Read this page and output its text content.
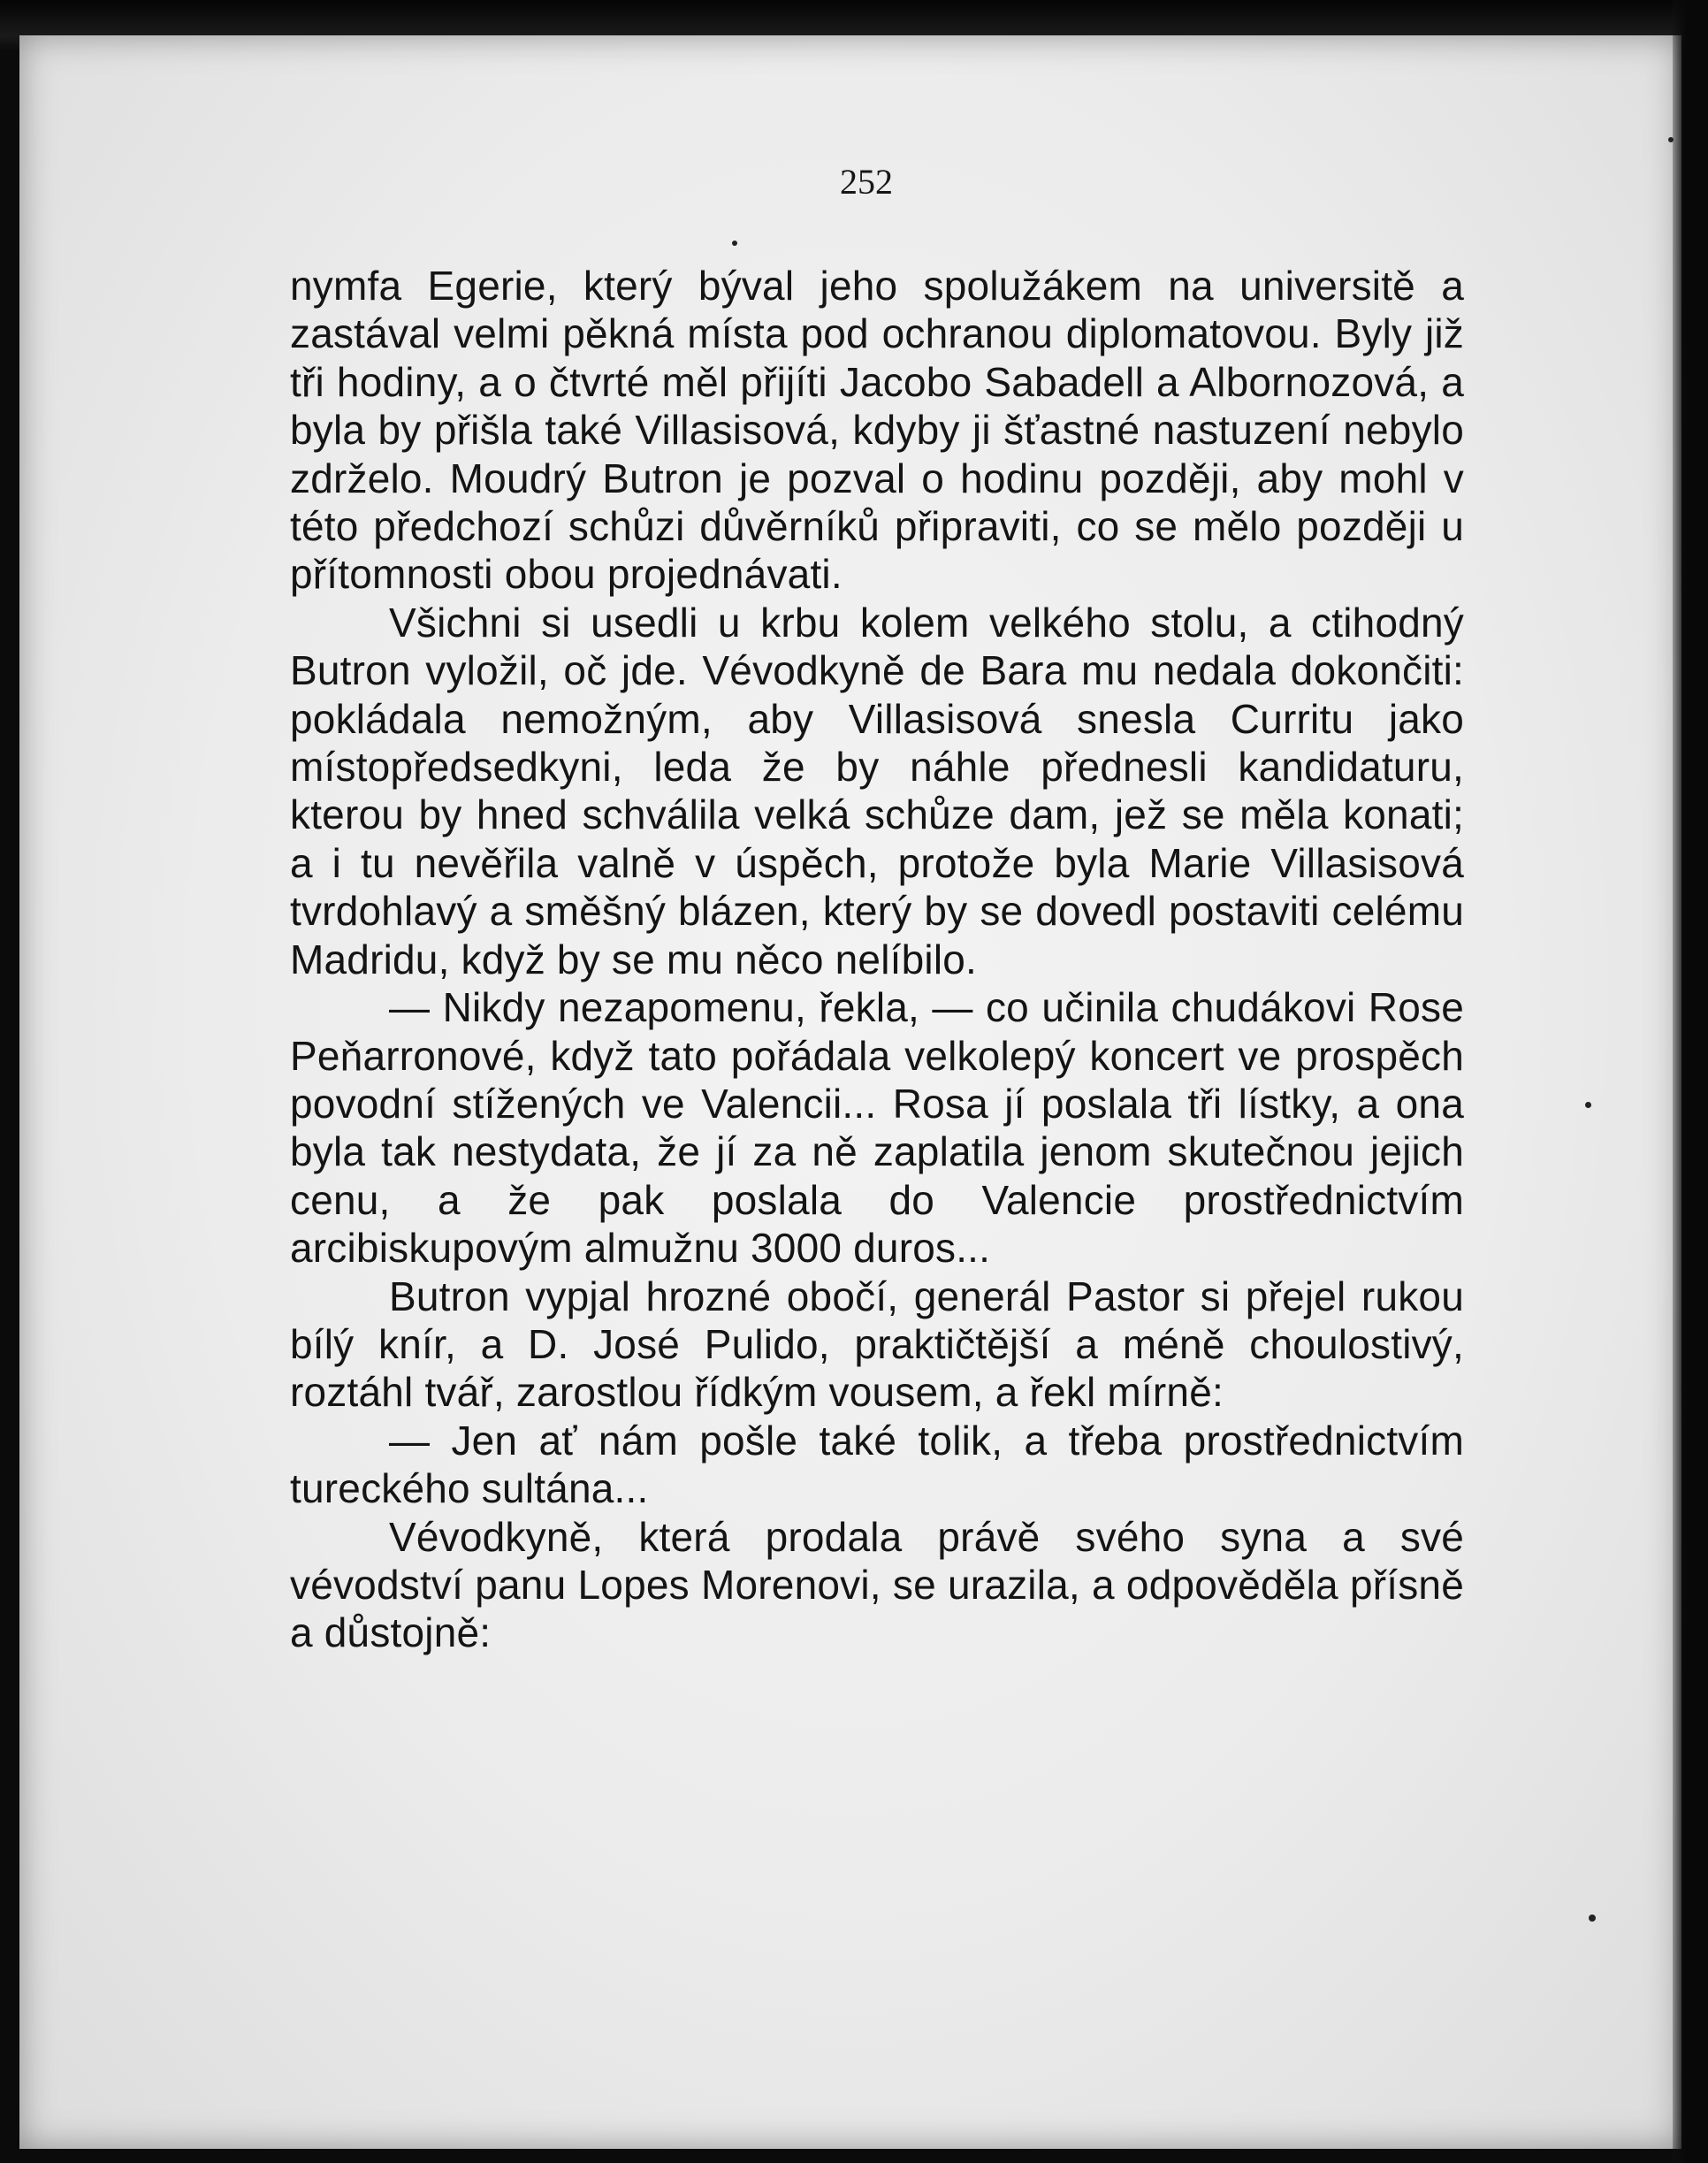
252

nymfa Egerie, který býval jeho spolužákem na universitě a zastával velmi pěkná místa pod ochranou diplomatovou. Byly již tři hodiny, a o čtvrté měl přijíti Jacobo Sabadell a Albornozová, a byla by přišla také Villasisová, kdyby ji šťastné nastuzení nebylo zdrželo. Moudrý Butron je pozval o hodinu později, aby mohl v této předchozí schůzi důvěrníků připraviti, co se mělo později u přítomnosti obou projednávati.

Všichni si usedli u krbu kolem velkého stolu, a ctihodný Butron vyložil, oč jde. Vévodkyně de Bara mu nedala dokončiti: pokládala nemožným, aby Villasisová snesla Curritu jako místopředsedkyni, leda že by náhle přednesli kandidaturu, kterou by hned schválila velká schůze dam, jež se měla konati; a i tu nevěřila valně v úspěch, protože byla Marie Villasisová tvrdohlavý a směšný blázen, který by se dovedl postaviti celému Madridu, když by se mu něco nelíbilo.

— Nikdy nezapomenu, řekla, — co učinila chudákovi Rose Peňarronové, když tato pořádala velkolepý koncert ve prospěch povodní stížených ve Valencii... Rosa jí poslala tři lístky, a ona byla tak nestydata, že jí za ně zaplatila jenom skutečnou jejich cenu, a že pak poslala do Valencie prostřednictvím arcibiskupovým almužnu 3000 duros...

Butron vypjal hrozné obočí, generál Pastor si přejel rukou bílý knír, a D. José Pulido, praktičtější a méně choulostivý, roztáhl tvář, zarostlou řídkým vousem, a řekl mírně:

— Jen ať nám pošle také tolik, a třeba prostřednictvím tureckého sultána...

Vévodkyně, která prodala právě svého syna a své vévodství panu Lopes Morenovi, se urazila, a odpověděla přísně a důstojně:
